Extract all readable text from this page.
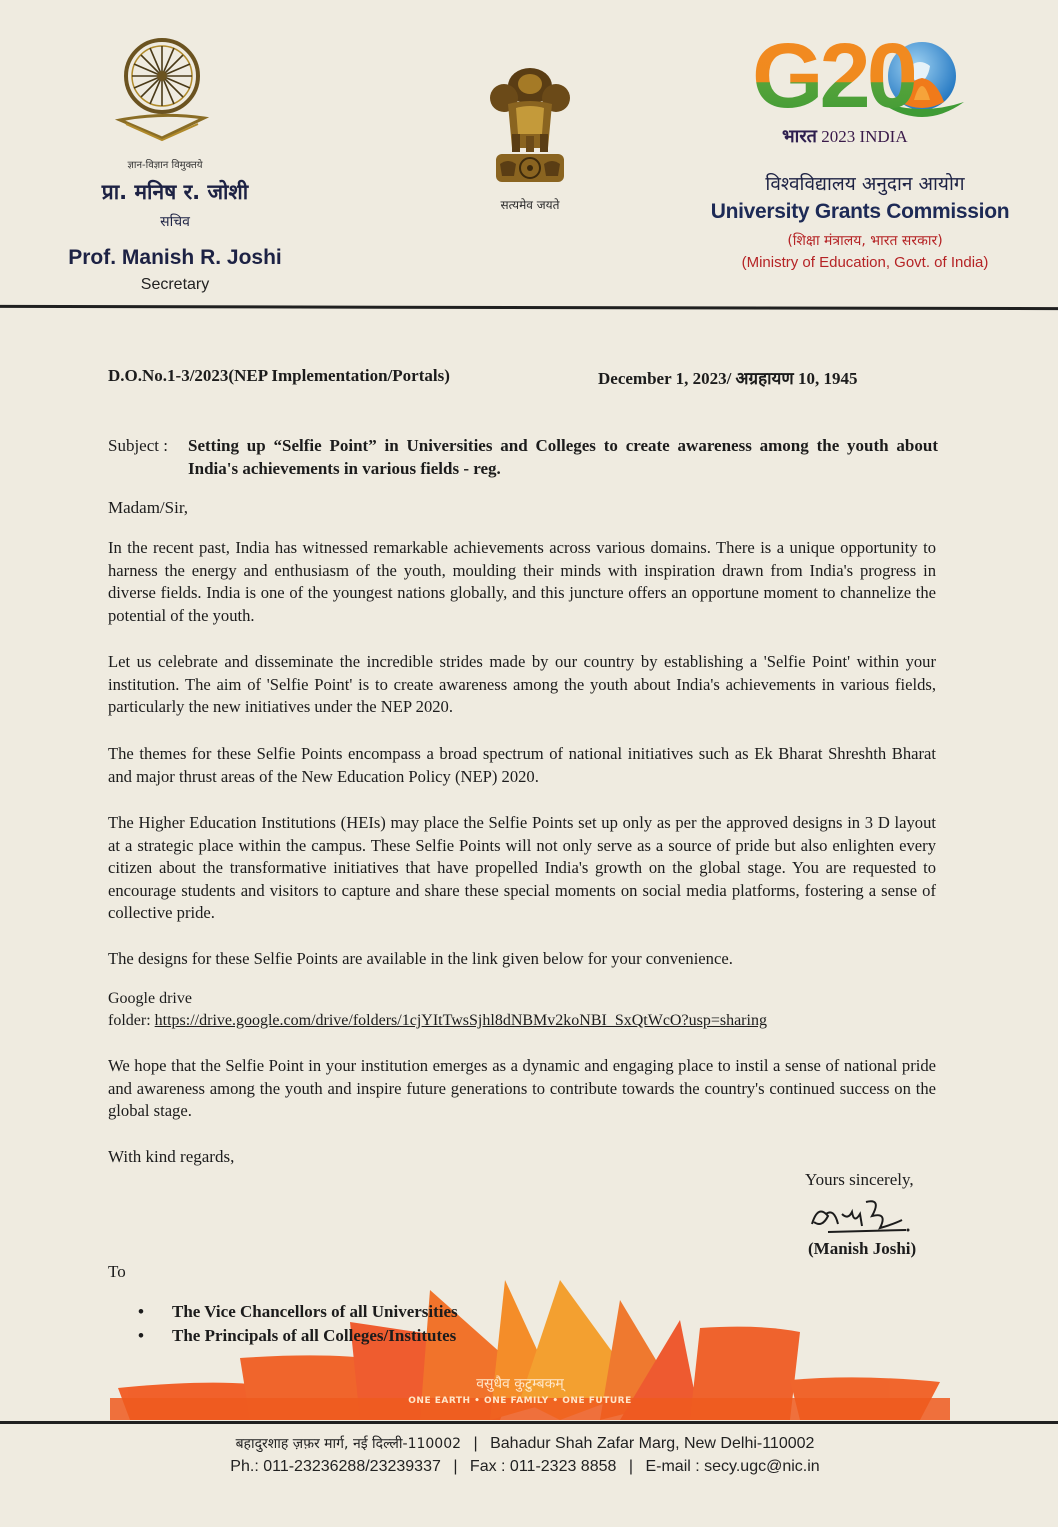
ज्ञान-विज्ञान विमुक्तये
प्रा. मनिष र. जोशी
सचिव
Prof. Manish R. Joshi
Secretary
सत्यमेव जयते
G20
भारत 2023 INDIA
विश्वविद्यालय अनुदान आयोग
University Grants Commission
(शिक्षा मंत्रालय, भारत सरकार)
(Ministry of Education, Govt. of India)
D.O.No.1-3/2023(NEP Implementation/Portals)	December 1, 2023/ अग्रहायण 10, 1945
Subject :	Setting up “Selfie Point” in Universities and Colleges to create awareness among the youth about India's achievements in various fields - reg.
Madam/Sir,
In the recent past, India has witnessed remarkable achievements across various domains. There is a unique opportunity to harness the energy and enthusiasm of the youth, moulding their minds with inspiration drawn from India's progress in diverse fields. India is one of the youngest nations globally, and this juncture offers an opportune moment to channelize the potential of the youth.
Let us celebrate and disseminate the incredible strides made by our country by establishing a 'Selfie Point' within your institution. The aim of 'Selfie Point' is to create awareness among the youth about India's achievements in various fields, particularly the new initiatives under the NEP 2020.
The themes for these Selfie Points encompass a broad spectrum of national initiatives such as Ek Bharat Shreshth Bharat and major thrust areas of the New Education Policy (NEP) 2020.
The Higher Education Institutions (HEIs) may place the Selfie Points set up only as per the approved designs in 3 D layout at a strategic place within the campus. These Selfie Points will not only serve as a source of pride but also enlighten every citizen about the transformative initiatives that have propelled India's growth on the global stage. You are requested to encourage students and visitors to capture and share these special moments on social media platforms, fostering a sense of collective pride.
The designs for these Selfie Points are available in the link given below for your convenience.
Google drive
folder: https://drive.google.com/drive/folders/1cjYItTwsSjhl8dNBMv2koNBI_SxQtWcO?usp=sharing
We hope that the Selfie Point in your institution emerges as a dynamic and engaging place to instil a sense of national pride and awareness among the youth and inspire future generations to contribute towards the country's continued success on the global stage.
With kind regards,
Yours sincerely,
(Manish Joshi)
To
• The Vice Chancellors of all Universities
• The Principals of all Colleges/Institutes
वसुधैव कुटुम्बकम्
ONE EARTH • ONE FAMILY • ONE FUTURE
बहादुरशाह ज़फ़र मार्ग, नई दिल्ली-110002 | Bahadur Shah Zafar Marg, New Delhi-110002
Ph.: 011-23236288/23239337 | Fax : 011-2323 8858 | E-mail : secy.ugc@nic.in
